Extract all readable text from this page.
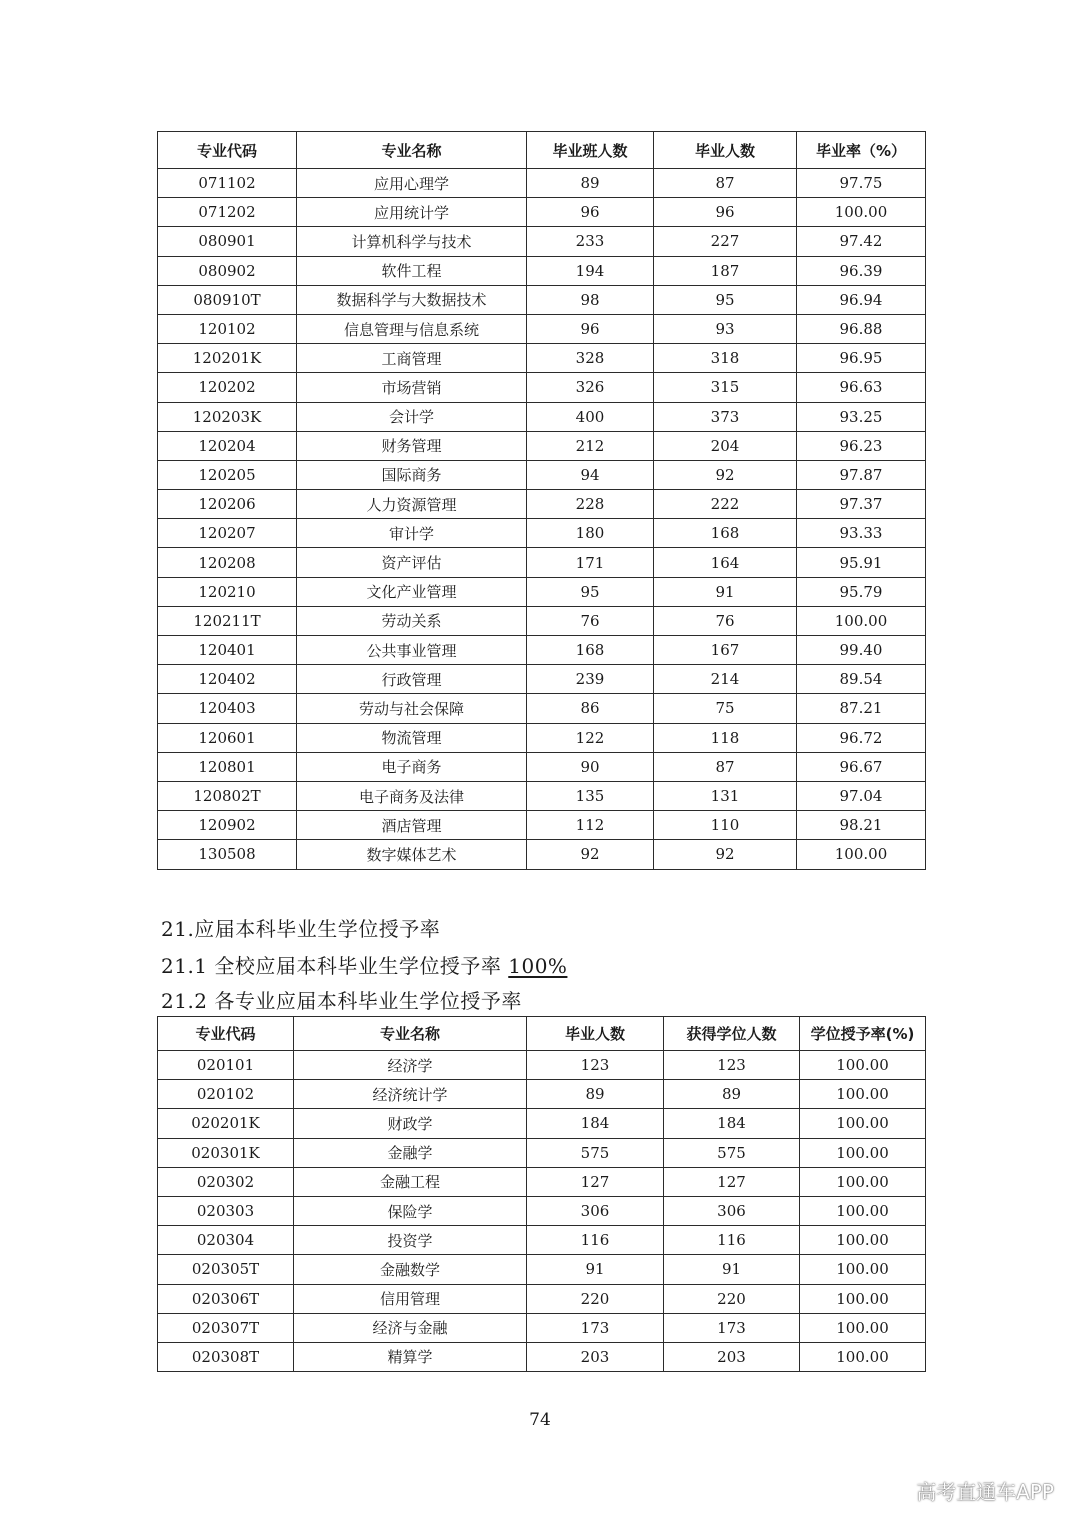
专业代码	专业名称	毕业班人数	毕业人数	毕业率（%）
071102	应用心理学	89	87	97.75
071202	应用统计学	96	96	100.00
080901	计算机科学与技术	233	227	97.42
080902	软件工程	194	187	96.39
080910T	数据科学与大数据技术	98	95	96.94
120102	信息管理与信息系统	96	93	96.88
120201K	工商管理	328	318	96.95
120202	市场营销	326	315	96.63
120203K	会计学	400	373	93.25
120204	财务管理	212	204	96.23
120205	国际商务	94	92	97.87
120206	人力资源管理	228	222	97.37
120207	审计学	180	168	93.33
120208	资产评估	171	164	95.91
120210	文化产业管理	95	91	95.79
120211T	劳动关系	76	76	100.00
120401	公共事业管理	168	167	99.40
120402	行政管理	239	214	89.54
120403	劳动与社会保障	86	75	87.21
120601	物流管理	122	118	96.72
120801	电子商务	90	87	96.67
120802T	电子商务及法律	135	131	97.04
120902	酒店管理	112	110	98.21
130508	数字媒体艺术	92	92	100.00
21.应届本科毕业生学位授予率
21.1 全校应届本科毕业生学位授予率 100%
21.2 各专业应届本科毕业生学位授予率
专业代码	专业名称	毕业人数	获得学位人数	学位授予率(%)
020101	经济学	123	123	100.00
020102	经济统计学	89	89	100.00
020201K	财政学	184	184	100.00
020301K	金融学	575	575	100.00
020302	金融工程	127	127	100.00
020303	保险学	306	306	100.00
020304	投资学	116	116	100.00
020305T	金融数学	91	91	100.00
020306T	信用管理	220	220	100.00
020307T	经济与金融	173	173	100.00
020308T	精算学	203	203	100.00
74
高考直通车APP
